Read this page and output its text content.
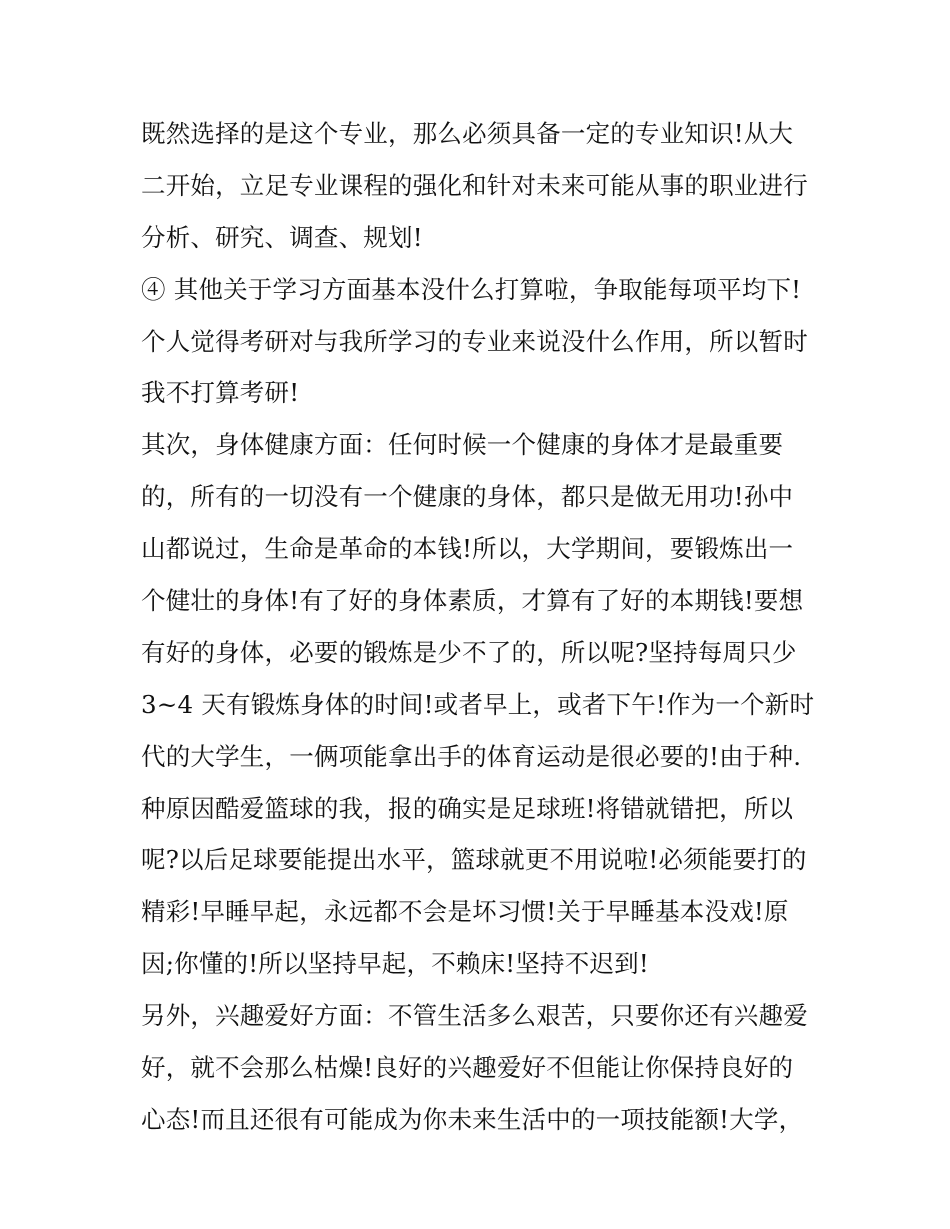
既然选择的是这个专业，那么必须具备一定的专业知识!从大
二开始，立足专业课程的强化和针对未来可能从事的职业进行
分析、研究、调查、规划!
④ 其他关于学习方面基本没什么打算啦，争取能每项平均下!
个人觉得考研对与我所学习的专业来说没什么作用，所以暂时
我不打算考研!
其次，身体健康方面：任何时候一个健康的身体才是最重要
的，所有的一切没有一个健康的身体，都只是做无用功!孙中
山都说过，生命是革命的本钱!所以，大学期间，要锻炼出一
个健壮的身体!有了好的身体素质，才算有了好的本期钱!要想
有好的身体，必要的锻炼是少不了的，所以呢?坚持每周只少
3~4 天有锻炼身体的时间!或者早上，或者下午!作为一个新时
代的大学生，一俩项能拿出手的体育运动是很必要的!由于种.
种原因酷爱篮球的我，报的确实是足球班!将错就错把，所以
呢?以后足球要能提出水平，篮球就更不用说啦!必须能要打的
精彩!早睡早起，永远都不会是坏习惯!关于早睡基本没戏!原
因;你懂的!所以坚持早起，不赖床!坚持不迟到!
另外，兴趣爱好方面：不管生活多么艰苦，只要你还有兴趣爱
好，就不会那么枯燥!良好的兴趣爱好不但能让你保持良好的
心态!而且还很有可能成为你未来生活中的一项技能额!大学，
